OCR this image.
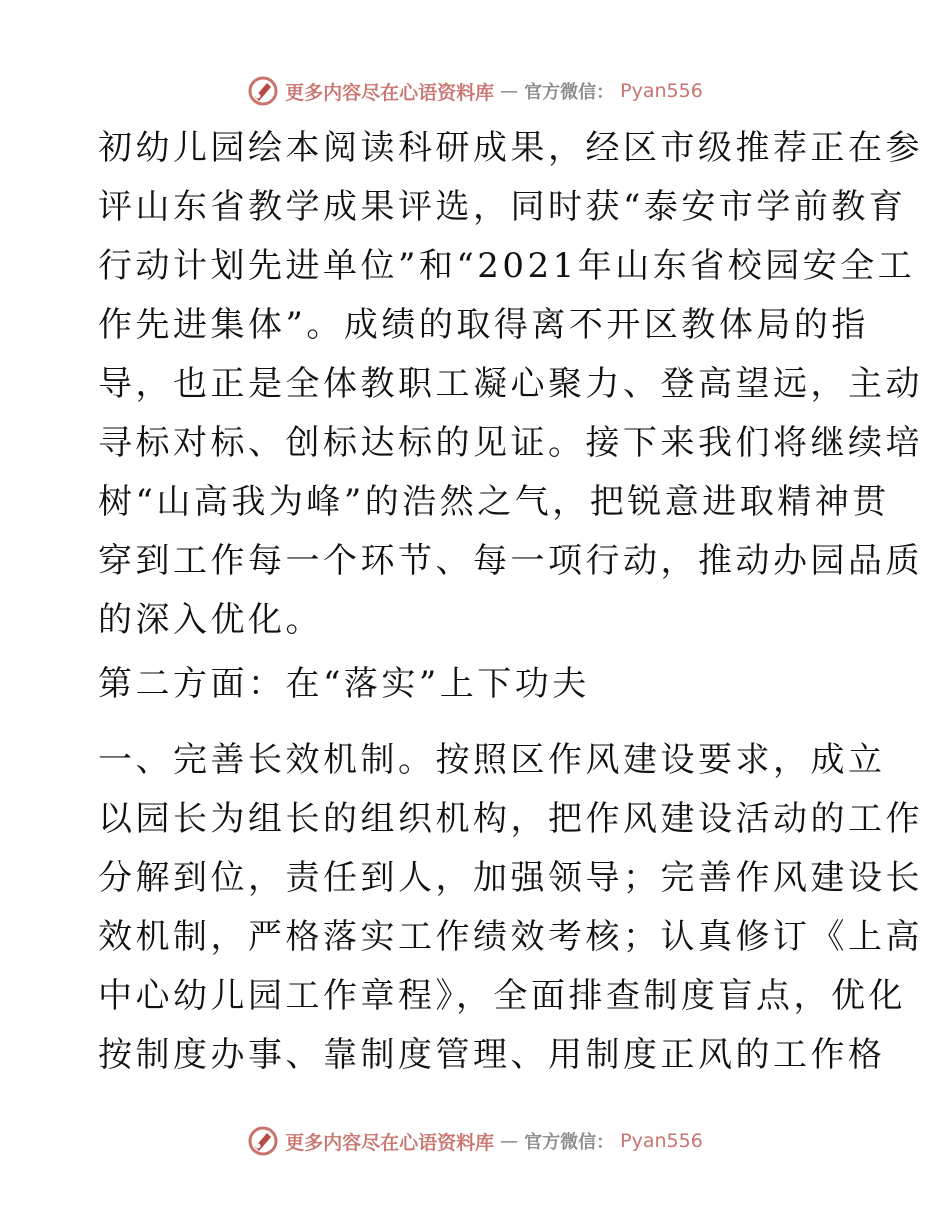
更多内容尽在心语资料库 — 官方微信： Pyan556
初幼儿园绘本阅读科研成果，经区市级推荐正在参
评山东省教学成果评选，同时获“泰安市学前教育
行动计划先进单位”和“2021年山东省校园安全工
作先进集体”。成绩的取得离不开区教体局的指
导，也正是全体教职工凝心聚力、登高望远，主动
寻标对标、创标达标的见证。接下来我们将继续培
树“山高我为峰”的浩然之气，把锐意进取精神贯
穿到工作每一个环节、每一项行动，推动办园品质
的深入优化。
第二方面：在“落实”上下功夫
一、完善长效机制。按照区作风建设要求，成立
以园长为组长的组织机构，把作风建设活动的工作
分解到位，责任到人，加强领导；完善作风建设长
效机制，严格落实工作绩效考核；认真修订《上高
中心幼儿园工作章程》，全面排查制度盲点，优化
按制度办事、靠制度管理、用制度正风的工作格
更多内容尽在心语资料库 — 官方微信： Pyan556
